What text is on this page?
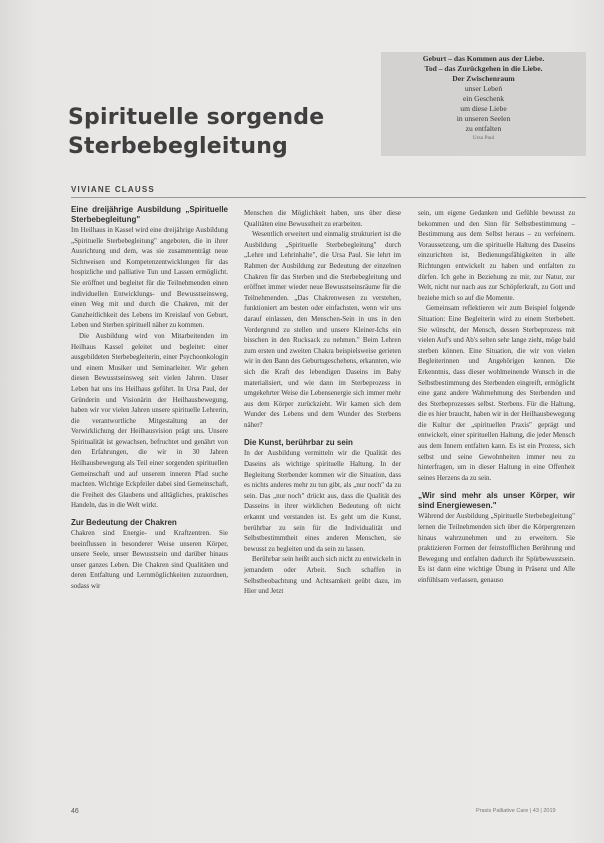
Spirituelle sorgende
Sterbebegleitung
Geburt – das Kommen aus der Liebe.
Tod – das Zurückgehen in die Liebe.
Der Zwischenraum
unser Lebeń
ein Geschenk
um diese Liebe
in unseren Seelen
zu entfalten
Ursa Paul
VIVIANE CLAUSS
Eine dreijährige Ausbildung „Spirituelle Sterbebegleitung"

Im Heilhaus in Kassel wird eine dreijährige Ausbildung „Spirituelle Sterbebegleitung" angeboten, die in ihrer Ausrichtung und dem, was sie zusammenträgt neue Sichtweisen und Kompetenzentwicklungen für das hospizliche und palliative Tun und Lassen ermöglicht. Sie eröffnet und begleitet für die Teilnehmenden einen individuellen Entwicklungs- und Bewusstseinsweg, einen Weg mit und durch die Chakren, mit der Ganzheitlichkeit des Lebens im Kreislauf von Geburt, Leben und Sterben spirituell näher zu kommen.

Die Ausbildung wird von Mitarbeitenden im Heilhaus Kassel geleitet und begleitet: einer ausgebildeten Sterbebegleiterin, einer Psychoonkologin und einem Musiker und Seminarleiter. Wir gehen diesen Bewusstseinsweg seit vielen Jahren. Unser Leben hat uns ins Heilhaus geführt. In Ursa Paul, der Gründerin und Visionärin der Heilhausbewegung, haben wir vor vielen Jahren unsere spirituelle Lehrerin, die verantwortliche Mitgestaltung an der Verwirklichung der Heilhausvision prägt uns. Unsere Spiritualität ist gewachsen, befruchtet und genährt von den Erfahrungen, die wir in 30 Jahren Heilhausbewegung als Teil einer sorgenden spirituellen Gemeinschaft und auf unserem inneren Pfad suche machten. Wichtige Eckpfeiler dabei sind Gemeinschaft, die Freiheit des Glaubens und alltägliches, praktisches Handeln, das in die Welt wirkt.

Zur Bedeutung der Chakren

Chakren sind Energie- und Kraftzentren. Sie beeinflussen in besonderer Weise unseren Körper, unsere Seele, unser Bewusstsein und darüber hinaus unser ganzes Leben. Die Chakren sind Qualitäten und deren Entfaltung und Lernmöglichkeiten zuzuordnen, sodass wir

Menschen die Möglichkeit haben, uns über diese Qualitäten eine Bewusstheit zu erarbeiten.

Wesentlich erweitert und einmalig strukturiert ist die Ausbildung „Spirituelle Sterbebegleitung" durch „Lehre und Lehrinhalte", die Ursa Paul. Sie lehrt im Rahmen der Ausbildung zur Bedeutung der einzelnen Chakren für das Sterben und die Sterbebegleitung und eröffnet immer wieder neue Bewusstseinsräume für die Teilnehmenden. „Das Chakrenwesen zu verstehen, funktioniert am besten oder einfachsten, wenn wir uns darauf einlassen, den Menschen-Sein in uns in den Vordergrund zu stellen und unsere Kleiner-Ichs ein bisschen in den Rucksack zu nehmen." Beim Lehren zum ersten und zweiten Chakra beispielsweise gerieten wir in den Bann des Geburtsgeschehens, erkannten, wie sich die Kraft des lebendigen Daseins im Baby materialisiert, und wie dann im Sterbeprozess in umgekehrter Weise die Lebensenergie sich immer mehr aus dem Körper zurückzieht. Wir kamen sich dem Wunder des Lebens und dem Wunder des Sterbens näher?

Die Kunst, berührbar zu sein

In der Ausbildung vermitteln wir die Qualität des Daseins als wichtige spirituelle Haltung. In der Begleitung Sterbender kommen wir die Situation, dass es nichts anderes mehr zu tun gibt, als „nur noch" da zu sein. Das „nur noch" drückt aus, dass die Qualität des Dasseins in ihrer wirklichen Bedeutung oft nicht erkannt und verstanden ist. Es geht um die Kunst, berührbar zu sein für die Individualität und Selbstbestimmtheit eines anderen Menschen, sie bewusst zu begleiten und da sein zu lassen.

Berührbar sein heißt auch sich nicht zu entwickeln in jemandem oder Arbeit. Such schaffen in Selbstbeobachtung und Achtsamkeit geübt dazu, im Hier und Jetzt

sein, um eigene Gedanken und Gefühle bewusst zu bekommen und den Sinn für Selbstbestimmung – Bestimmung aus dem Selbst heraus – zu verfeinern. Voraussetzung, um die spirituelle Haltung des Daseins einzurichten ist, Bedienungsfähigkeiten in alle Richtungen entwickelt zu haben und entfalten zu dürfen. Ich gehe in Beziehung zu mir, zur Natur, zur Welt, nicht nur nach aus zur Schöpferkraft, zu Gott und beziehe mich so auf die Momente.

Gemeinsam reflektieren wir zum Beispiel folgende Situation: Eine Begleiterin wird zu einem Sterbebett. Sie wünscht, der Mensch, dessen Sterbeprozess mit vielen Auf's und Ab's selten sehr lange zieht, möge bald sterben können. Eine Situation, die wir von vielen Begleiterinnen und Angehörigen kennen. Die Erkenntnis, dass dieser wohlmeinende Wunsch in die Selbstbestimmung des Sterbenden eingreift, ermöglicht eine ganz andere Wahrnehmung des Sterbenden und des Sterbeprozesses selbst. Sterbens. Für die Haltung, die es hier braucht, haben wir in der Heilhausbewegung die Kultur der „spirituellen Praxis" geprägt und entwickelt, einer spirituellen Haltung, die jeder Mensch aus dem Innern entfalten kann. Es ist ein Prozess, sich selbst und seine Gewohnheiten immer neu zu hinterfragen, um in dieser Haltung in eine Offenheit seines Herzens da zu sein.

„Wir sind mehr als unser Körper, wir sind Energiewesen."

Während der Ausbildung „Spirituelle Sterbebegleitung" lernen die Teilnehmenden sich über die Körpergrenzen hinaus wahrzunehmen und zu erweitern. Sie praktizieren Formen der feinstofflichen Berührung und Bewegung und entfalten dadurch ihr Spürbewusstsein. Es ist dann eine wichtige Übung in Präsenz und Alle einfühlsam verlassen, genauso

46	Praxis Palliative Care | 43 | 2019
